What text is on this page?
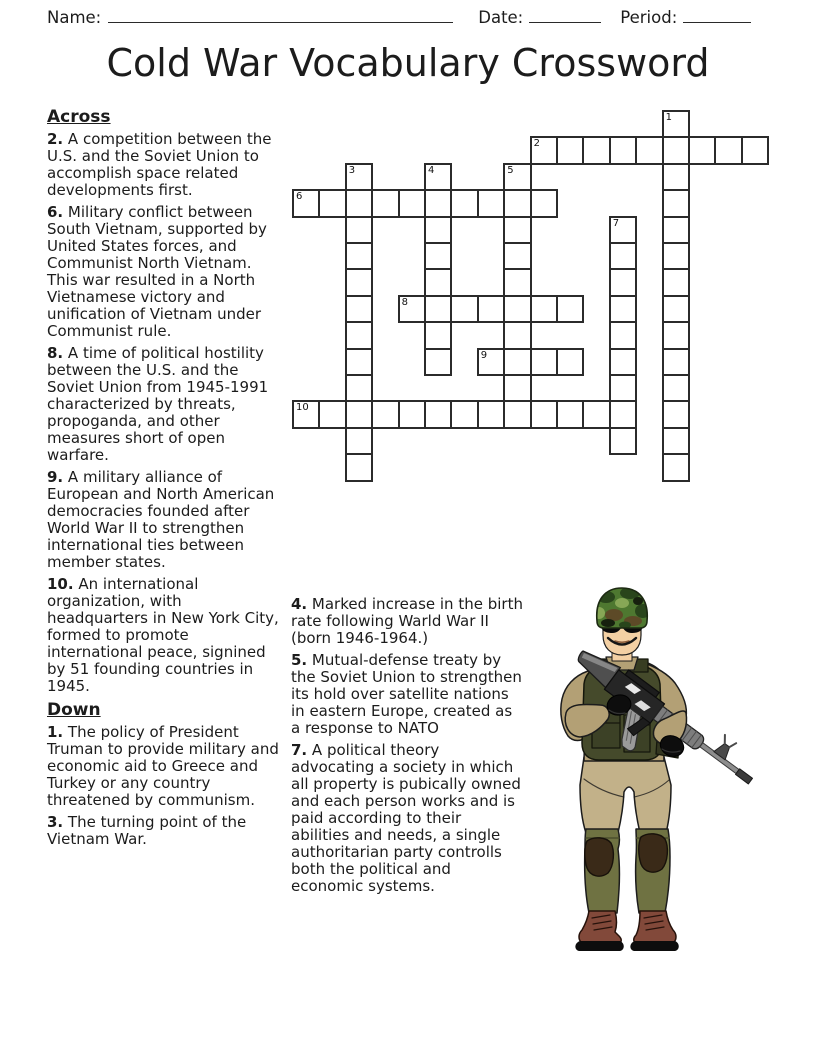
Name:	Date:	Period:
Cold War Vocabulary Crossword
Across

2. A competition between the U.S. and the Soviet Union to accomplish space related developments first.

6. Military conflict between South Vietnam, supported by United States forces, and Communist North Vietnam. This war resulted in a North Vietnamese victory and unification of Vietnam under Communist rule.

8. A time of political hostility between the U.S. and the Soviet Union from 1945-1991 characterized by threats, propoganda, and other measures short of open warfare.

9. A military alliance of European and North American democracies founded after World War II to strengthen international ties between member states.

10. An international organization, with headquarters in New York City, formed to promote international peace, signined by 51 founding countries in 1945.

Down

1. The policy of President Truman to provide military and economic aid to Greece and Turkey or any country threatened by communism.

3. The turning point of the Vietnam War.

4. Marked increase in the birth rate following Warld War II (born 1946-1964.)

5. Mutual-defense treaty by the Soviet Union to strengthen its hold over satellite nations in eastern Europe, created as a response to NATO

7. A political theory advocating a society in which all property is pubically owned and each person works and is paid according to their abilities and needs, a single authoritarian party controlls both the political and economic systems.

1
2
3	4	5
6
7
8
9
10
